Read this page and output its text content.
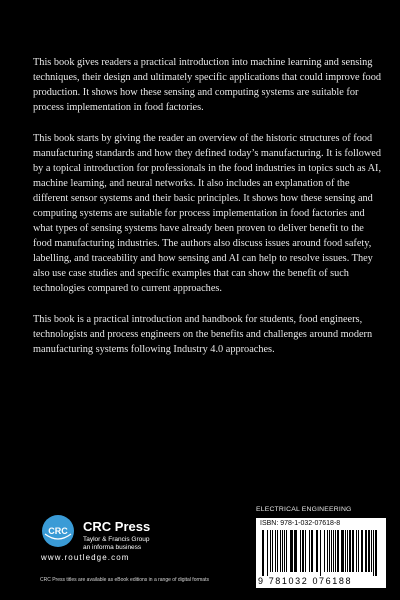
This book gives readers a practical introduction into machine learning and sensing techniques, their design and ultimately specific applications that could improve food production. It shows how these sensing and computing systems are suitable for process implementation in food factories.

This book starts by giving the reader an overview of the historic structures of food manufacturing standards and how they defined today’s manufacturing. It is followed by a topical introduction for professionals in the food industries in topics such as AI, machine learning, and neural networks. It also includes an explanation of the different sensor systems and their basic principles. It shows how these sensing and computing systems are suitable for process implementation in food factories and what types of sensing systems have already been proven to deliver benefit to the food manufacturing industries. The authors also discuss issues around food safety, labelling, and traceability and how sensing and AI can help to resolve issues. They also use case studies and specific examples that can show the benefit of such technologies compared to current approaches.

This book is a practical introduction and handbook for students, food engineers, technologists and process engineers on the benefits and challenges around modern manufacturing systems following Industry 4.0 approaches.

CRC CRC Press
Taylor & Francis Group
an informa business
www.routledge.com
CRC Press titles are available as eBook editions in a range of digital formats
ELECTRICAL ENGINEERING
ISBN: 978-1-032-07618-8
9 781032 076188
